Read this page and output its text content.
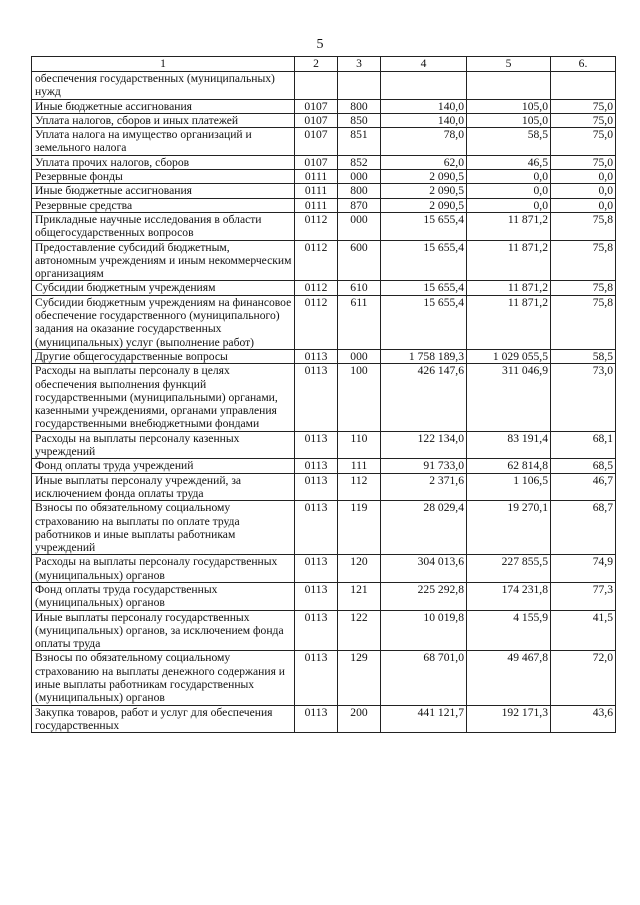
5
1	2	3	4	5	6.
обеспечения государственных (муниципальных) нужд					
Иные бюджетные ассигнования	0107	800	140,0	105,0	75,0
Уплата налогов, сборов и иных платежей	0107	850	140,0	105,0	75,0
Уплата налога на имущество организаций и земельного налога	0107	851	78,0	58,5	75,0
Уплата прочих налогов, сборов	0107	852	62,0	46,5	75,0
Резервные фонды	0111	000	2 090,5	0,0	0,0
Иные бюджетные ассигнования	0111	800	2 090,5	0,0	0,0
Резервные средства	0111	870	2 090,5	0,0	0,0
Прикладные научные исследования в области общегосударственных вопросов	0112	000	15 655,4	11 871,2	75,8
Предоставление субсидий бюджетным, автономным учреждениям и иным некоммерческим организациям	0112	600	15 655,4	11 871,2	75,8
Субсидии бюджетным учреждениям	0112	610	15 655,4	11 871,2	75,8
Субсидии бюджетным учреждениям на финансовое обеспечение государственного (муниципального) задания на оказание государственных (муниципальных) услуг (выполнение работ)	0112	611	15 655,4	11 871,2	75,8
Другие общегосударственные вопросы	0113	000	1 758 189,3	1 029 055,5	58,5
Расходы на выплаты персоналу в целях обеспечения выполнения функций государственными (муниципальными) органами, казенными учреждениями, органами управления государственными внебюджетными фондами	0113	100	426 147,6	311 046,9	73,0
Расходы на выплаты персоналу казенных учреждений	0113	110	122 134,0	83 191,4	68,1
Фонд оплаты труда учреждений	0113	111	91 733,0	62 814,8	68,5
Иные выплаты персоналу учреждений, за исключением фонда оплаты труда	0113	112	2 371,6	1 106,5	46,7
Взносы по обязательному социальному страхованию на выплаты по оплате труда работников и иные выплаты работникам учреждений	0113	119	28 029,4	19 270,1	68,7
Расходы на выплаты персоналу государственных (муниципальных) органов	0113	120	304 013,6	227 855,5	74,9
Фонд оплаты труда государственных (муниципальных) органов	0113	121	225 292,8	174 231,8	77,3
Иные выплаты персоналу государственных (муниципальных) органов, за исключением фонда оплаты труда	0113	122	10 019,8	4 155,9	41,5
Взносы по обязательному социальному страхованию на выплаты денежного содержания и иные выплаты работникам государственных (муниципальных) органов	0113	129	68 701,0	49 467,8	72,0
Закупка товаров, работ и услуг для обеспечения государственных	0113	200	441 121,7	192 171,3	43,6
